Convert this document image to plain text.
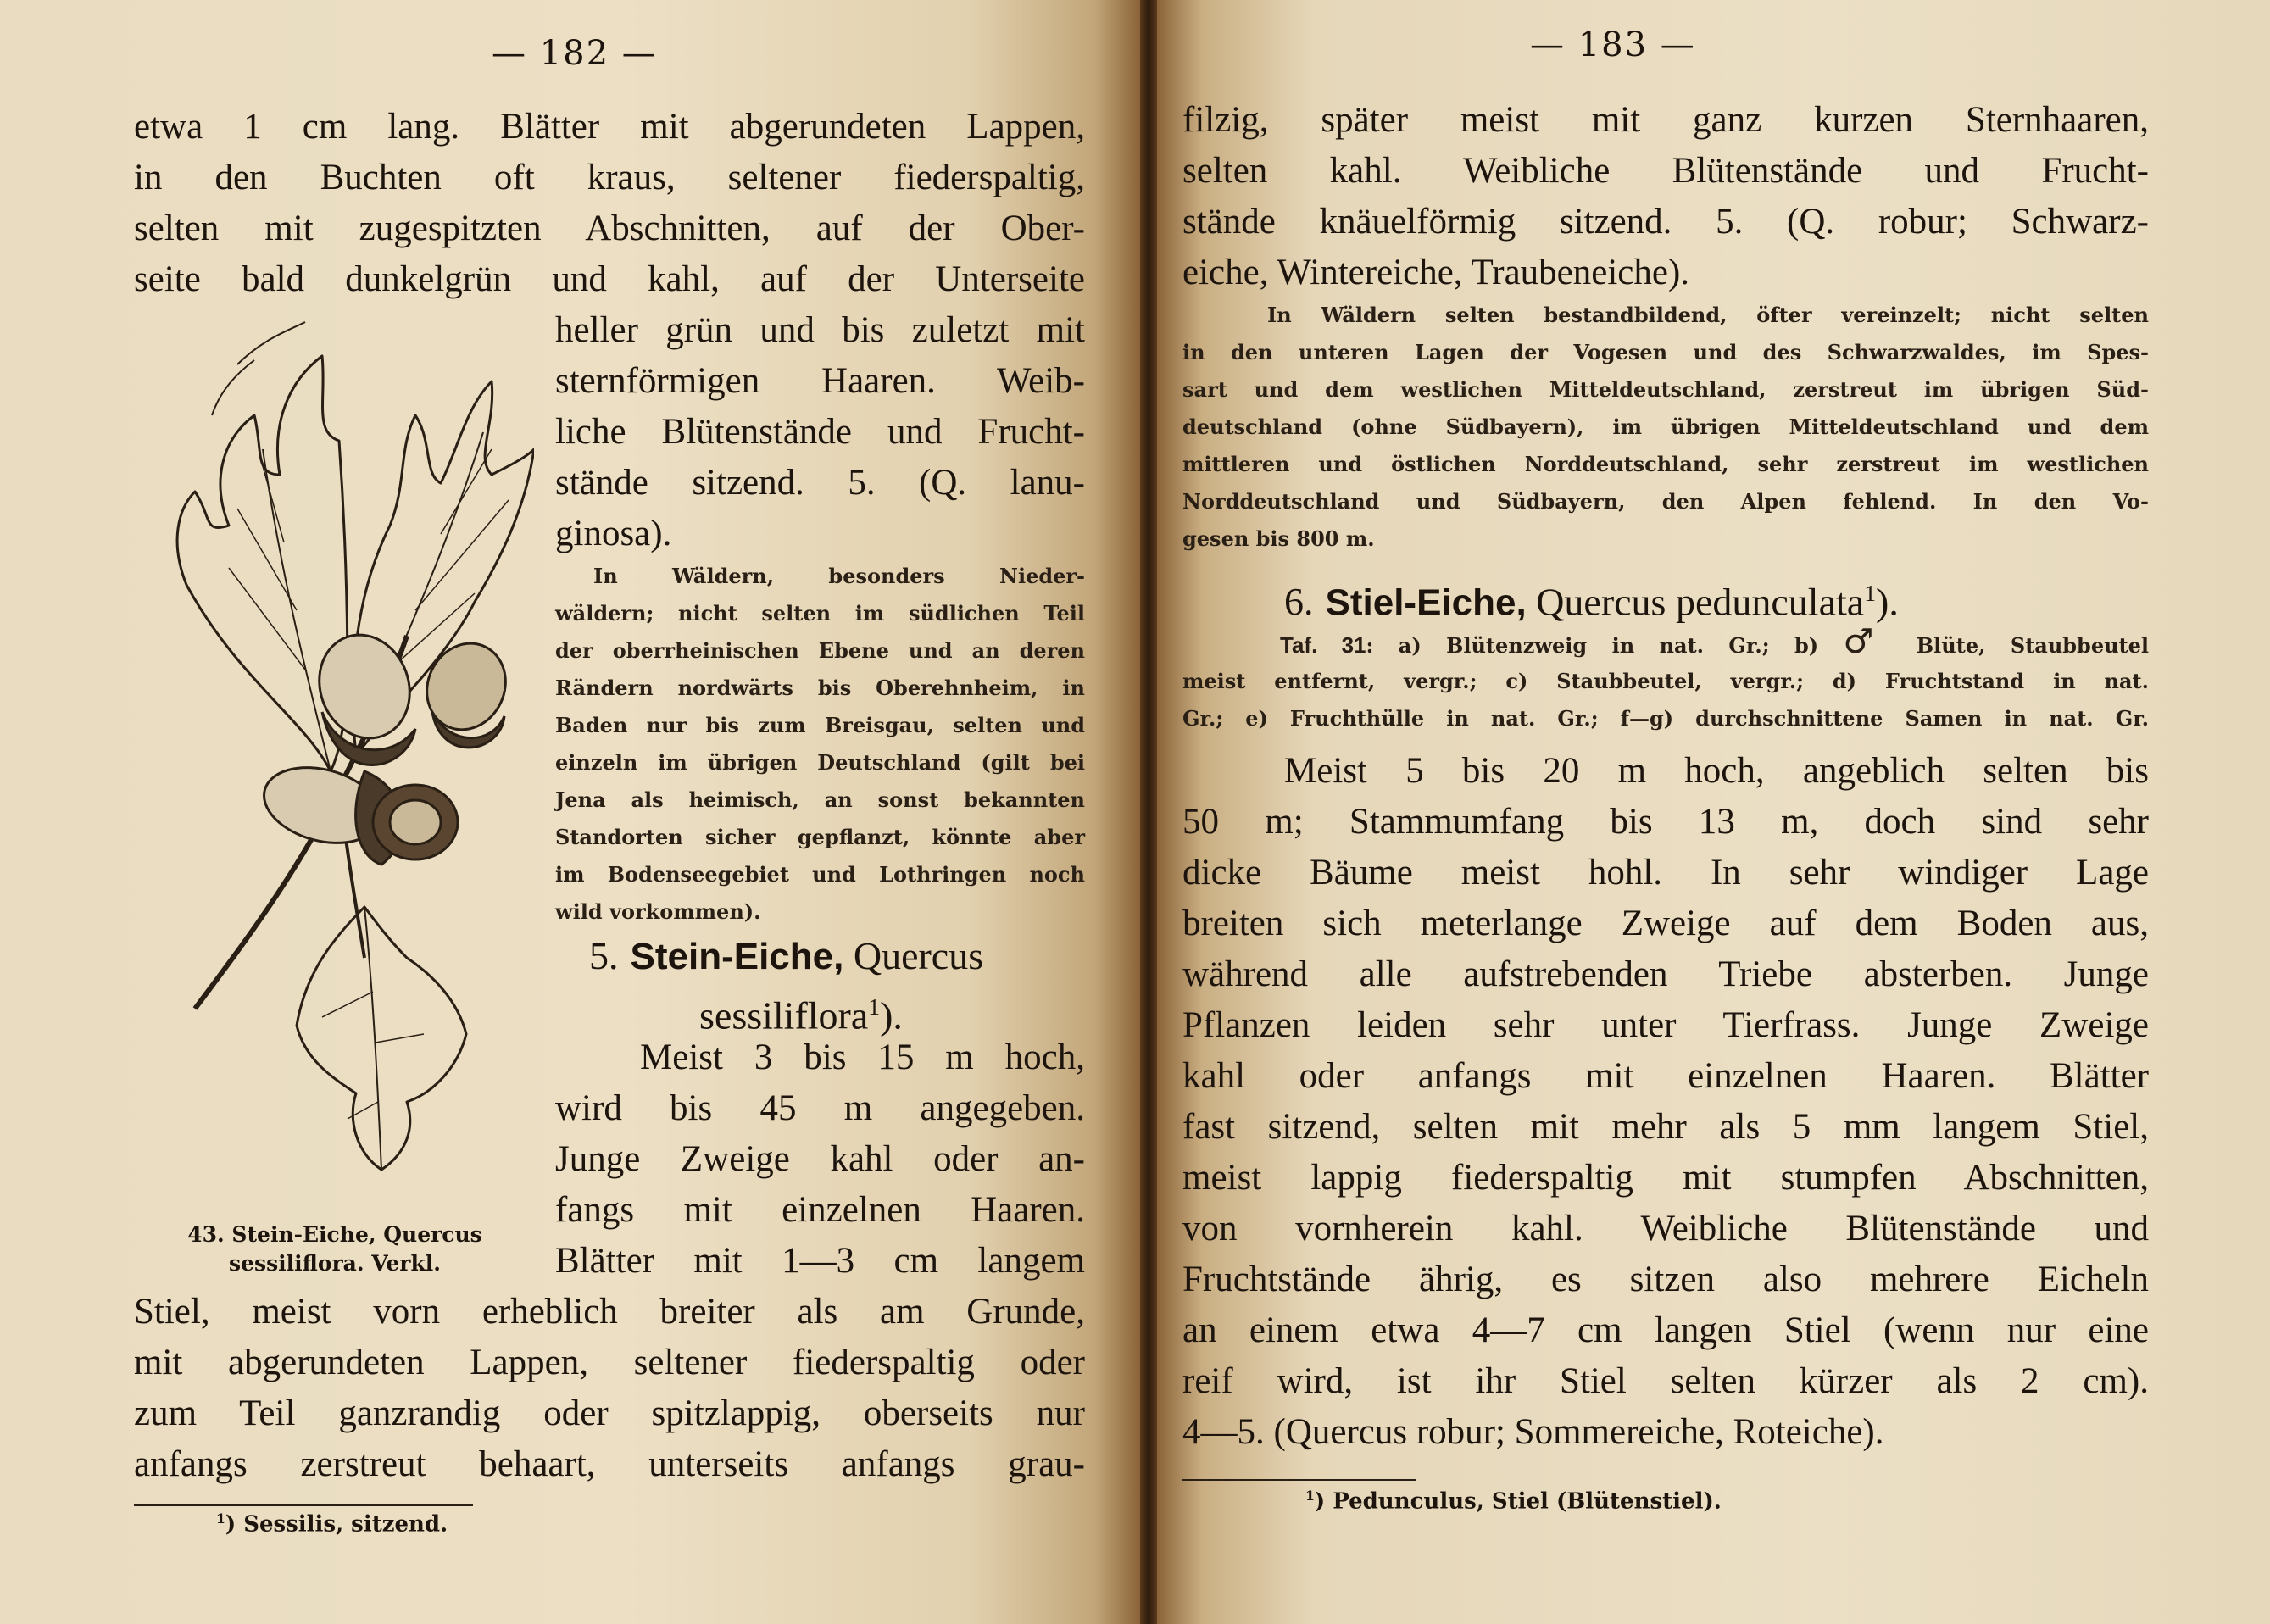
— 182 —

etwa 1 cm lang. Blätter mit abgerundeten Lappen,

in den Buchten oft kraus, seltener fiederspaltig,

selten mit zugespitzten Abschnitten, auf der Ober-

seite bald dunkelgrün und kahl, auf der Unterseite

heller grün und bis zuletzt mit

sternförmigen Haaren. Weib-

liche Blütenstände und Frucht-

stände sitzend. 5. (Q. lanu-

ginosa).

In Wäldern, besonders Nieder-

wäldern; nicht selten im südlichen Teil

der oberrheinischen Ebene und an deren

Rändern nordwärts bis Oberehnheim, in

Baden nur bis zum Breisgau, selten und

einzeln im übrigen Deutschland (gilt bei

Jena als heimisch, an sonst bekannten

Standorten sicher gepflanzt, könnte aber

im Bodenseegebiet und Lothringen noch

wild vorkommen).

5. Stein-Eiche, Quercus
sessiliflora$^1$).

Meist 3 bis 15 m hoch,

wird bis 45 m angegeben.

Junge Zweige kahl oder an-

fangs mit einzelnen Haaren.

Blätter mit 1—3 cm langem

43. Stein-Eiche, Quercus
sessiliflora. Verkl.

Stiel, meist vorn erheblich breiter als am Grunde,

mit abgerundeten Lappen, seltener fiederspaltig oder

zum Teil ganzrandig oder spitzlappig, oberseits nur

anfangs zerstreut behaart, unterseits anfangs grau-

$^1$) Sessilis, sitzend.
— 183 —

filzig, später meist mit ganz kurzen Sternhaaren,

selten kahl. Weibliche Blütenstände und Frucht-

stände knäuelförmig sitzend. 5. (Q. robur; Schwarz-

eiche, Wintereiche, Traubeneiche).

In Wäldern selten bestandbildend, öfter vereinzelt; nicht selten

in den unteren Lagen der Vogesen und des Schwarzwaldes, im Spes-

sart und dem westlichen Mitteldeutschland, zerstreut im übrigen Süd-

deutschland (ohne Südbayern), im übrigen Mitteldeutschland und dem

mittleren und östlichen Norddeutschland, sehr zerstreut im westlichen

Norddeutschland und Südbayern, den Alpen fehlend. In den Vo-

gesen bis 800 m.

6. Stiel-Eiche, Quercus pedunculata$^1$).
Taf. 31: a) Blütenzweig in nat. Gr.; b) ♂ Blüte, Staubbeutel

meist entfernt, vergr.; c) Staubbeutel, vergr.; d) Fruchtstand in nat.

Gr.; e) Fruchthülle in nat. Gr.; f—g) durchschnittene Samen in nat. Gr.

Meist 5 bis 20 m hoch, angeblich selten bis

50 m; Stammumfang bis 13 m, doch sind sehr

dicke Bäume meist hohl. In sehr windiger Lage

breiten sich meterlange Zweige auf dem Boden aus,

während alle aufstrebenden Triebe absterben. Junge

Pflanzen leiden sehr unter Tierfrass. Junge Zweige

kahl oder anfangs mit einzelnen Haaren. Blätter

fast sitzend, selten mit mehr als 5 mm langem Stiel,

meist lappig fiederspaltig mit stumpfen Abschnitten,

von vornherein kahl. Weibliche Blütenstände und

Fruchtstände ährig, es sitzen also mehrere Eicheln

an einem etwa 4—7 cm langen Stiel (wenn nur eine

reif wird, ist ihr Stiel selten kürzer als 2 cm).

4—5. (Quercus robur; Sommereiche, Roteiche).

$^1$) Pedunculus, Stiel (Blütenstiel).
